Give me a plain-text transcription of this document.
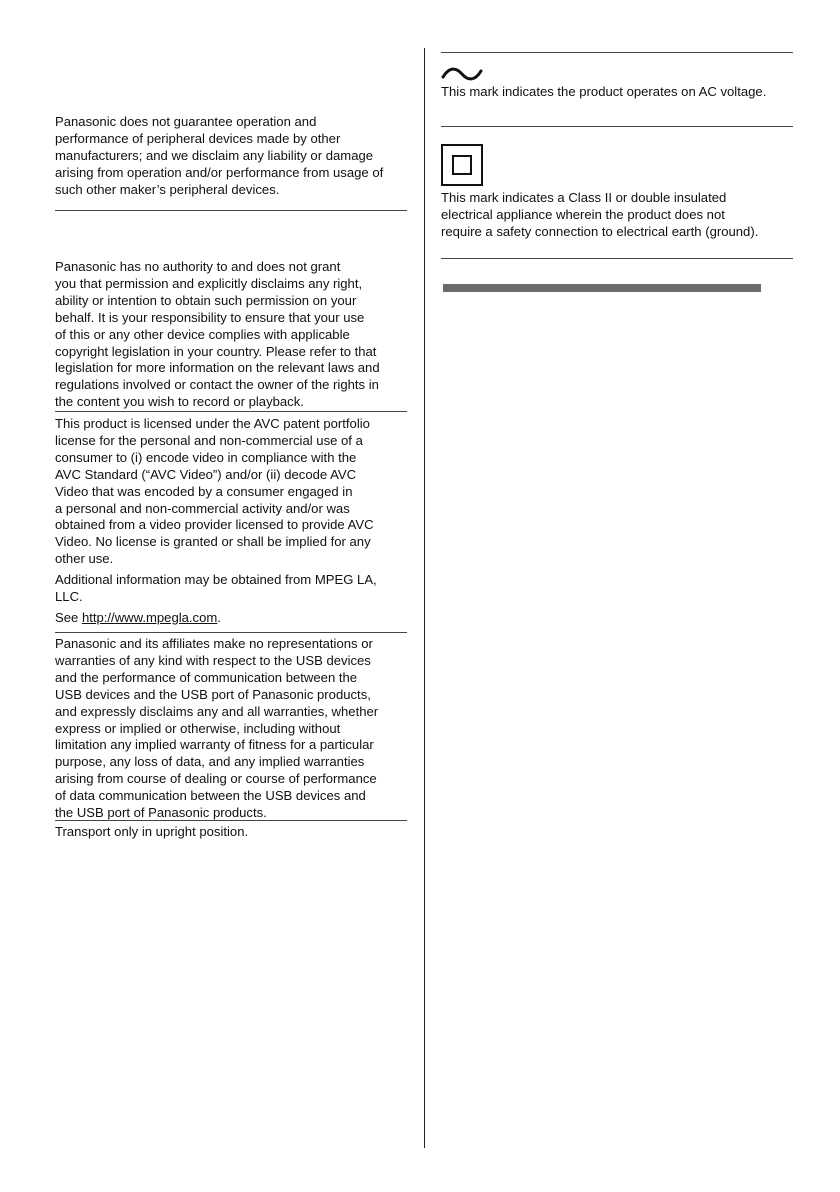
Panasonic does not guarantee operation and
performance of peripheral devices made by other
manufacturers; and we disclaim any liability or damage
arising from operation and/or performance from usage of
such other maker’s peripheral devices.

Panasonic has no authority to and does not grant
you that permission and explicitly disclaims any right,
ability or intention to obtain such permission on your
behalf. It is your responsibility to ensure that your use
of this or any other device complies with applicable
copyright legislation in your country. Please refer to that
legislation for more information on the relevant laws and
regulations involved or contact the owner of the rights in
the content you wish to record or playback.

This product is licensed under the AVC patent portfolio
license for the personal and non-commercial use of a
consumer to (i) encode video in compliance with the
AVC Standard (“AVC Video”) and/or (ii) decode AVC
Video that was encoded by a consumer engaged in
a personal and non-commercial activity and/or was
obtained from a video provider licensed to provide AVC
Video. No license is granted or shall be implied for any
other use.

Additional information may be obtained from MPEG LA,
LLC.

See http://www.mpegla.com.

Panasonic and its affiliates make no representations or
warranties of any kind with respect to the USB devices
and the performance of communication between the
USB devices and the USB port of Panasonic products,
and expressly disclaims any and all warranties, whether
express or implied or otherwise, including without
limitation any implied warranty of fitness for a particular
purpose, any loss of data, and any implied warranties
arising from course of dealing or course of performance
of data communication between the USB devices and
the USB port of Panasonic products.

Transport only in upright position.

This mark indicates the product operates on AC voltage.

This mark indicates a Class II or double insulated
electrical appliance wherein the product does not
require a safety connection to electrical earth (ground).
